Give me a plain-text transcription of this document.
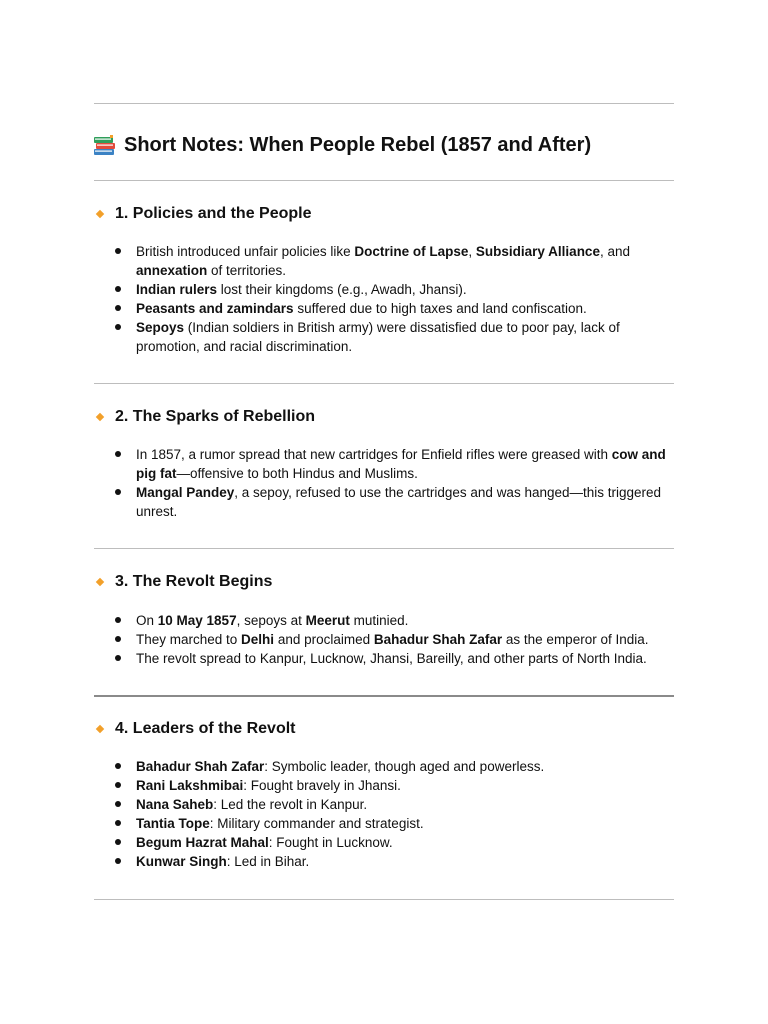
Short Notes: When People Rebel (1857 and After)
1. Policies and the People
British introduced unfair policies like Doctrine of Lapse, Subsidiary Alliance, and annexation of territories.
Indian rulers lost their kingdoms (e.g., Awadh, Jhansi).
Peasants and zamindars suffered due to high taxes and land confiscation.
Sepoys (Indian soldiers in British army) were dissatisfied due to poor pay, lack of promotion, and racial discrimination.
2. The Sparks of Rebellion
In 1857, a rumor spread that new cartridges for Enfield rifles were greased with cow and pig fat—offensive to both Hindus and Muslims.
Mangal Pandey, a sepoy, refused to use the cartridges and was hanged—this triggered unrest.
3. The Revolt Begins
On 10 May 1857, sepoys at Meerut mutinied.
They marched to Delhi and proclaimed Bahadur Shah Zafar as the emperor of India.
The revolt spread to Kanpur, Lucknow, Jhansi, Bareilly, and other parts of North India.
4. Leaders of the Revolt
Bahadur Shah Zafar: Symbolic leader, though aged and powerless.
Rani Lakshmibai: Fought bravely in Jhansi.
Nana Saheb: Led the revolt in Kanpur.
Tantia Tope: Military commander and strategist.
Begum Hazrat Mahal: Fought in Lucknow.
Kunwar Singh: Led in Bihar.
